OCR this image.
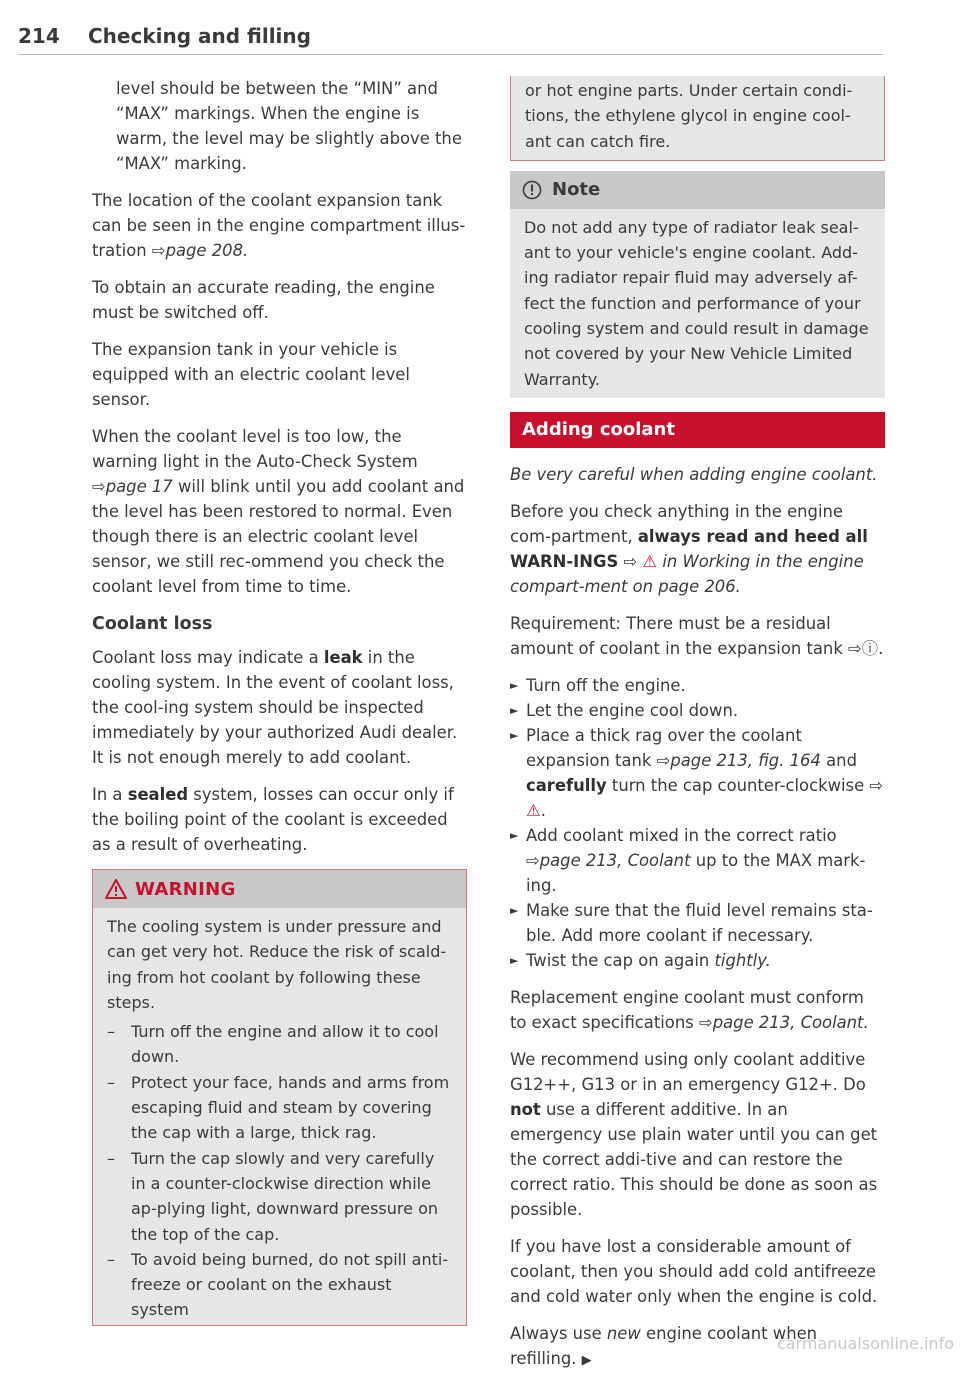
214 Checking and filling

level should be between the “MIN” and “MAX” markings. When the engine is warm, the level may be slightly above the “MAX” marking.

The location of the coolant expansion tank can be seen in the engine compartment illus-tration ⇨page 208.

To obtain an accurate reading, the engine must be switched off.

The expansion tank in your vehicle is equipped with an electric coolant level sensor.

When the coolant level is too low, the warning light in the Auto-Check System ⇨page 17 will blink until you add coolant and the level has been restored to normal. Even though there is an electric coolant level sensor, we still rec-ommend you check the coolant level from time to time.

Coolant loss

Coolant loss may indicate a leak in the cooling system. In the event of coolant loss, the cool-ing system should be inspected immediately by your authorized Audi dealer. It is not enough merely to add coolant.

In a sealed system, losses can occur only if the boiling point of the coolant is exceeded as a result of overheating.

WARNING

The cooling system is under pressure and can get very hot. Reduce the risk of scald-ing from hot coolant by following these steps.

– Turn off the engine and allow it to cool down.
– Protect your face, hands and arms from escaping fluid and steam by covering the cap with a large, thick rag.
– Turn the cap slowly and very carefully in a counter-clockwise direction while ap-plying light, downward pressure on the top of the cap.
– To avoid being burned, do not spill anti-freeze or coolant on the exhaust system

or hot engine parts. Under certain condi-tions, the ethylene glycol in engine cool-ant can catch fire.

Note

Do not add any type of radiator leak seal-ant to your vehicle's engine coolant. Add-ing radiator repair fluid may adversely af-fect the function and performance of your cooling system and could result in damage not covered by your New Vehicle Limited Warranty.

Adding coolant

Be very careful when adding engine coolant.

Before you check anything in the engine com-partment, always read and heed all WARN-INGS ⇨ ⚠ in Working in the engine compart-ment on page 206.

Requirement: There must be a residual amount of coolant in the expansion tank ⇨ⓘ.

► Turn off the engine.
► Let the engine cool down.
► Place a thick rag over the coolant expansion tank ⇨page 213, fig. 164 and carefully turn the cap counter-clockwise ⇨ ⚠.
► Add coolant mixed in the correct ratio ⇨page 213, Coolant up to the MAX mark-ing.
► Make sure that the fluid level remains sta-ble. Add more coolant if necessary.
► Twist the cap on again tightly.

Replacement engine coolant must conform to exact specifications ⇨page 213, Coolant.

We recommend using only coolant additive G12++, G13 or in an emergency G12+. Do not use a different additive. In an emergency use plain water until you can get the correct addi-tive and can restore the correct ratio. This should be done as soon as possible.

If you have lost a considerable amount of coolant, then you should add cold antifreeze and cold water only when the engine is cold.

Always use new engine coolant when refilling. ▶

carmanualsonline.info
